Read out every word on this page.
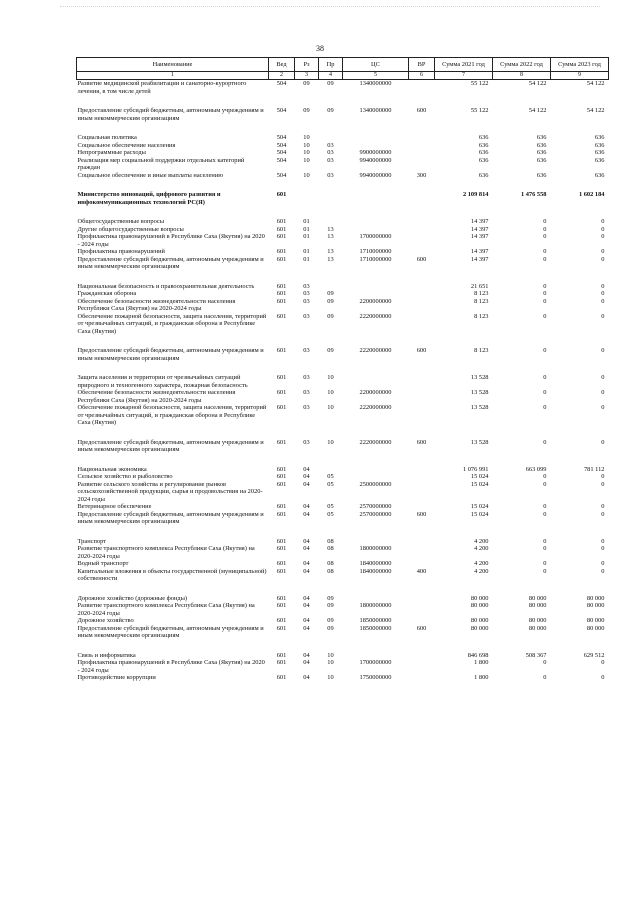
38
Наименование	Вед	Рз	Пр	ЦС	ВР	Сумма 2021 год	Сумма 2022 год	Сумма 2023 год
1	2	3	4	5	6	7	8	9
Развитие медицинской реабилитации и санаторно-курортного лечения, в том числе детей	504	09	09	1340000000		55 122	54 122	54 122

Предоставление субсидий бюджетным, автономным учреждениям и иным некоммерческим организациям	504	09	09	1340000000	600	55 122	54 122	54 122

Социальная политика	504	10				636	636	636
Социальное обеспечение населения	504	10	03			636	636	636
Непрограммные расходы	504	10	03	9900000000		636	636	636
Реализация мер социальной поддержки отдельных категорий граждан	504	10	03	9940000000		636	636	636
Социальное обеспечение и иные выплаты населению	504	10	03	9940000000	300	636	636	636

Министерство инноваций, цифрового развития и инфокоммуникационных технологий РС(Я)	601					2 109 814	1 476 558	1 602 184

Общегосударственные вопросы	601	01				14 397	0	0
Другие общегосударственные вопросы	601	01	13			14 397	0	0
Профилактика правонарушений в Республике Саха (Якутия) на 2020 - 2024 годы	601	01	13	1700000000		14 397	0	0
Профилактика правонарушений	601	01	13	1710000000		14 397	0	0
Предоставление субсидий бюджетным, автономным учреждениям и иным некоммерческим организациям	601	01	13	1710000000	600	14 397	0	0

Национальная безопасность и правоохранительная деятельность	601	03				21 651	0	0
Гражданская оборона	601	03	09			8 123	0	0
Обеспечение безопасности жизнедеятельности населения Республики Саха (Якутия) на 2020-2024 годы	601	03	09	2200000000		8 123	0	0
Обеспечение пожарной безопасности, защита населения, территорий от чрезвычайных ситуаций, и гражданская оборона в Республике Саха (Якутия)	601	03	09	2220000000		8 123	0	0

Предоставление субсидий бюджетным, автономным учреждениям и иным некоммерческим организациям	601	03	09	2220000000	600	8 123	0	0

Защита населения и территории от чрезвычайных ситуаций природного и техногенного характера, пожарная безопасность	601	03	10			13 528	0	0
Обеспечение безопасности жизнедеятельности населения Республики Саха (Якутия) на 2020-2024 годы	601	03	10	2200000000		13 528	0	0
Обеспечение пожарной безопасности, защита населения, территорий от чрезвычайных ситуаций, и гражданская оборона в Республике Саха (Якутия)	601	03	10	2220000000		13 528	0	0

Предоставление субсидий бюджетным, автономным учреждениям и иным некоммерческим организациям	601	03	10	2220000000	600	13 528	0	0

Национальная экономика	601	04				1 076 991	663 099	781 112
Сельское хозяйство и рыболовство	601	04	05			15 024	0	0
Развитие сельского хозяйства и регулирование рынков сельскохозяйственной продукции, сырья и продовольствия на 2020-2024 годы	601	04	05	2500000000		15 024	0	0
Ветеринарное обеспечение	601	04	05	2570000000		15 024	0	0
Предоставление субсидий бюджетным, автономным учреждениям и иным некоммерческим организациям	601	04	05	2570000000	600	15 024	0	0

Транспорт	601	04	08			4 200	0	0
Развитие транспортного комплекса Республики Саха (Якутия) на 2020-2024 годы	601	04	08	1800000000		4 200	0	0
Водный транспорт	601	04	08	1840000000		4 200	0	0
Капитальные вложения в объекты государственной (муниципальной) собственности	601	04	08	1840000000	400	4 200	0	0

Дорожное хозяйство (дорожные фонды)	601	04	09			80 000	80 000	80 000
Развитие транспортного комплекса Республики Саха (Якутия) на 2020-2024 годы	601	04	09	1800000000		80 000	80 000	80 000
Дорожное хозяйство	601	04	09	1850000000		80 000	80 000	80 000
Предоставление субсидий бюджетным, автономным учреждениям и иным некоммерческим организациям	601	04	09	1850000000	600	80 000	80 000	80 000

Связь и информатика	601	04	10			846 698	508 367	629 512
Профилактика правонарушений в Республике Саха (Якутия) на 2020 - 2024 годы	601	04	10	1700000000		1 800	0	0
Противодействие коррупции	601	04	10	1750000000		1 800	0	0
